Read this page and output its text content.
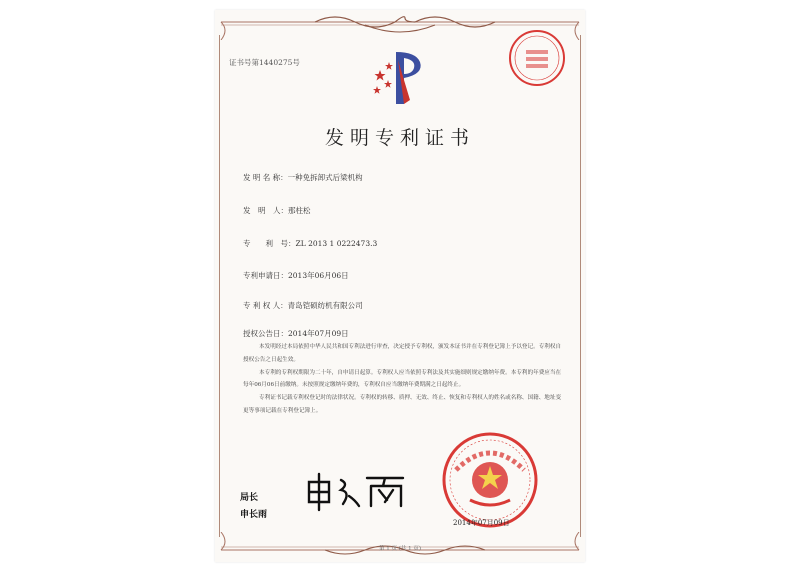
证书号第1440275号
发明专利证书
发 明 名 称：一种免拆卸式后梁机构
发　明　人：那柱松
专　　利　号：ZL 2013 1 0222473.3
专利申请日：2013年06月06日
专 利 权 人：青岛铠硕纺机有限公司
授权公告日：2014年07月09日

本发明经过本局依照中华人民共和国专利法进行审查，决定授予专利权，颁发本证书并在专利登记簿上予以登记。专利权自授权公告之日起生效。

本专利的专利权期限为二十年，自申请日起算。专利权人应当依照专利法及其实施细则规定缴纳年费。本专利的年费应当在每年06月06日前缴纳。未按照规定缴纳年费的，专利权自应当缴纳年费期满之日起终止。

专利证书记载专利权登记时的法律状况。专利权的转移、质押、无效、终止、恢复和专利权人的姓名或名称、国籍、地址变更等事项记载在专利登记簿上。

局长
申长雨
2014年07月09日
第 1 页 (共 1 页)
